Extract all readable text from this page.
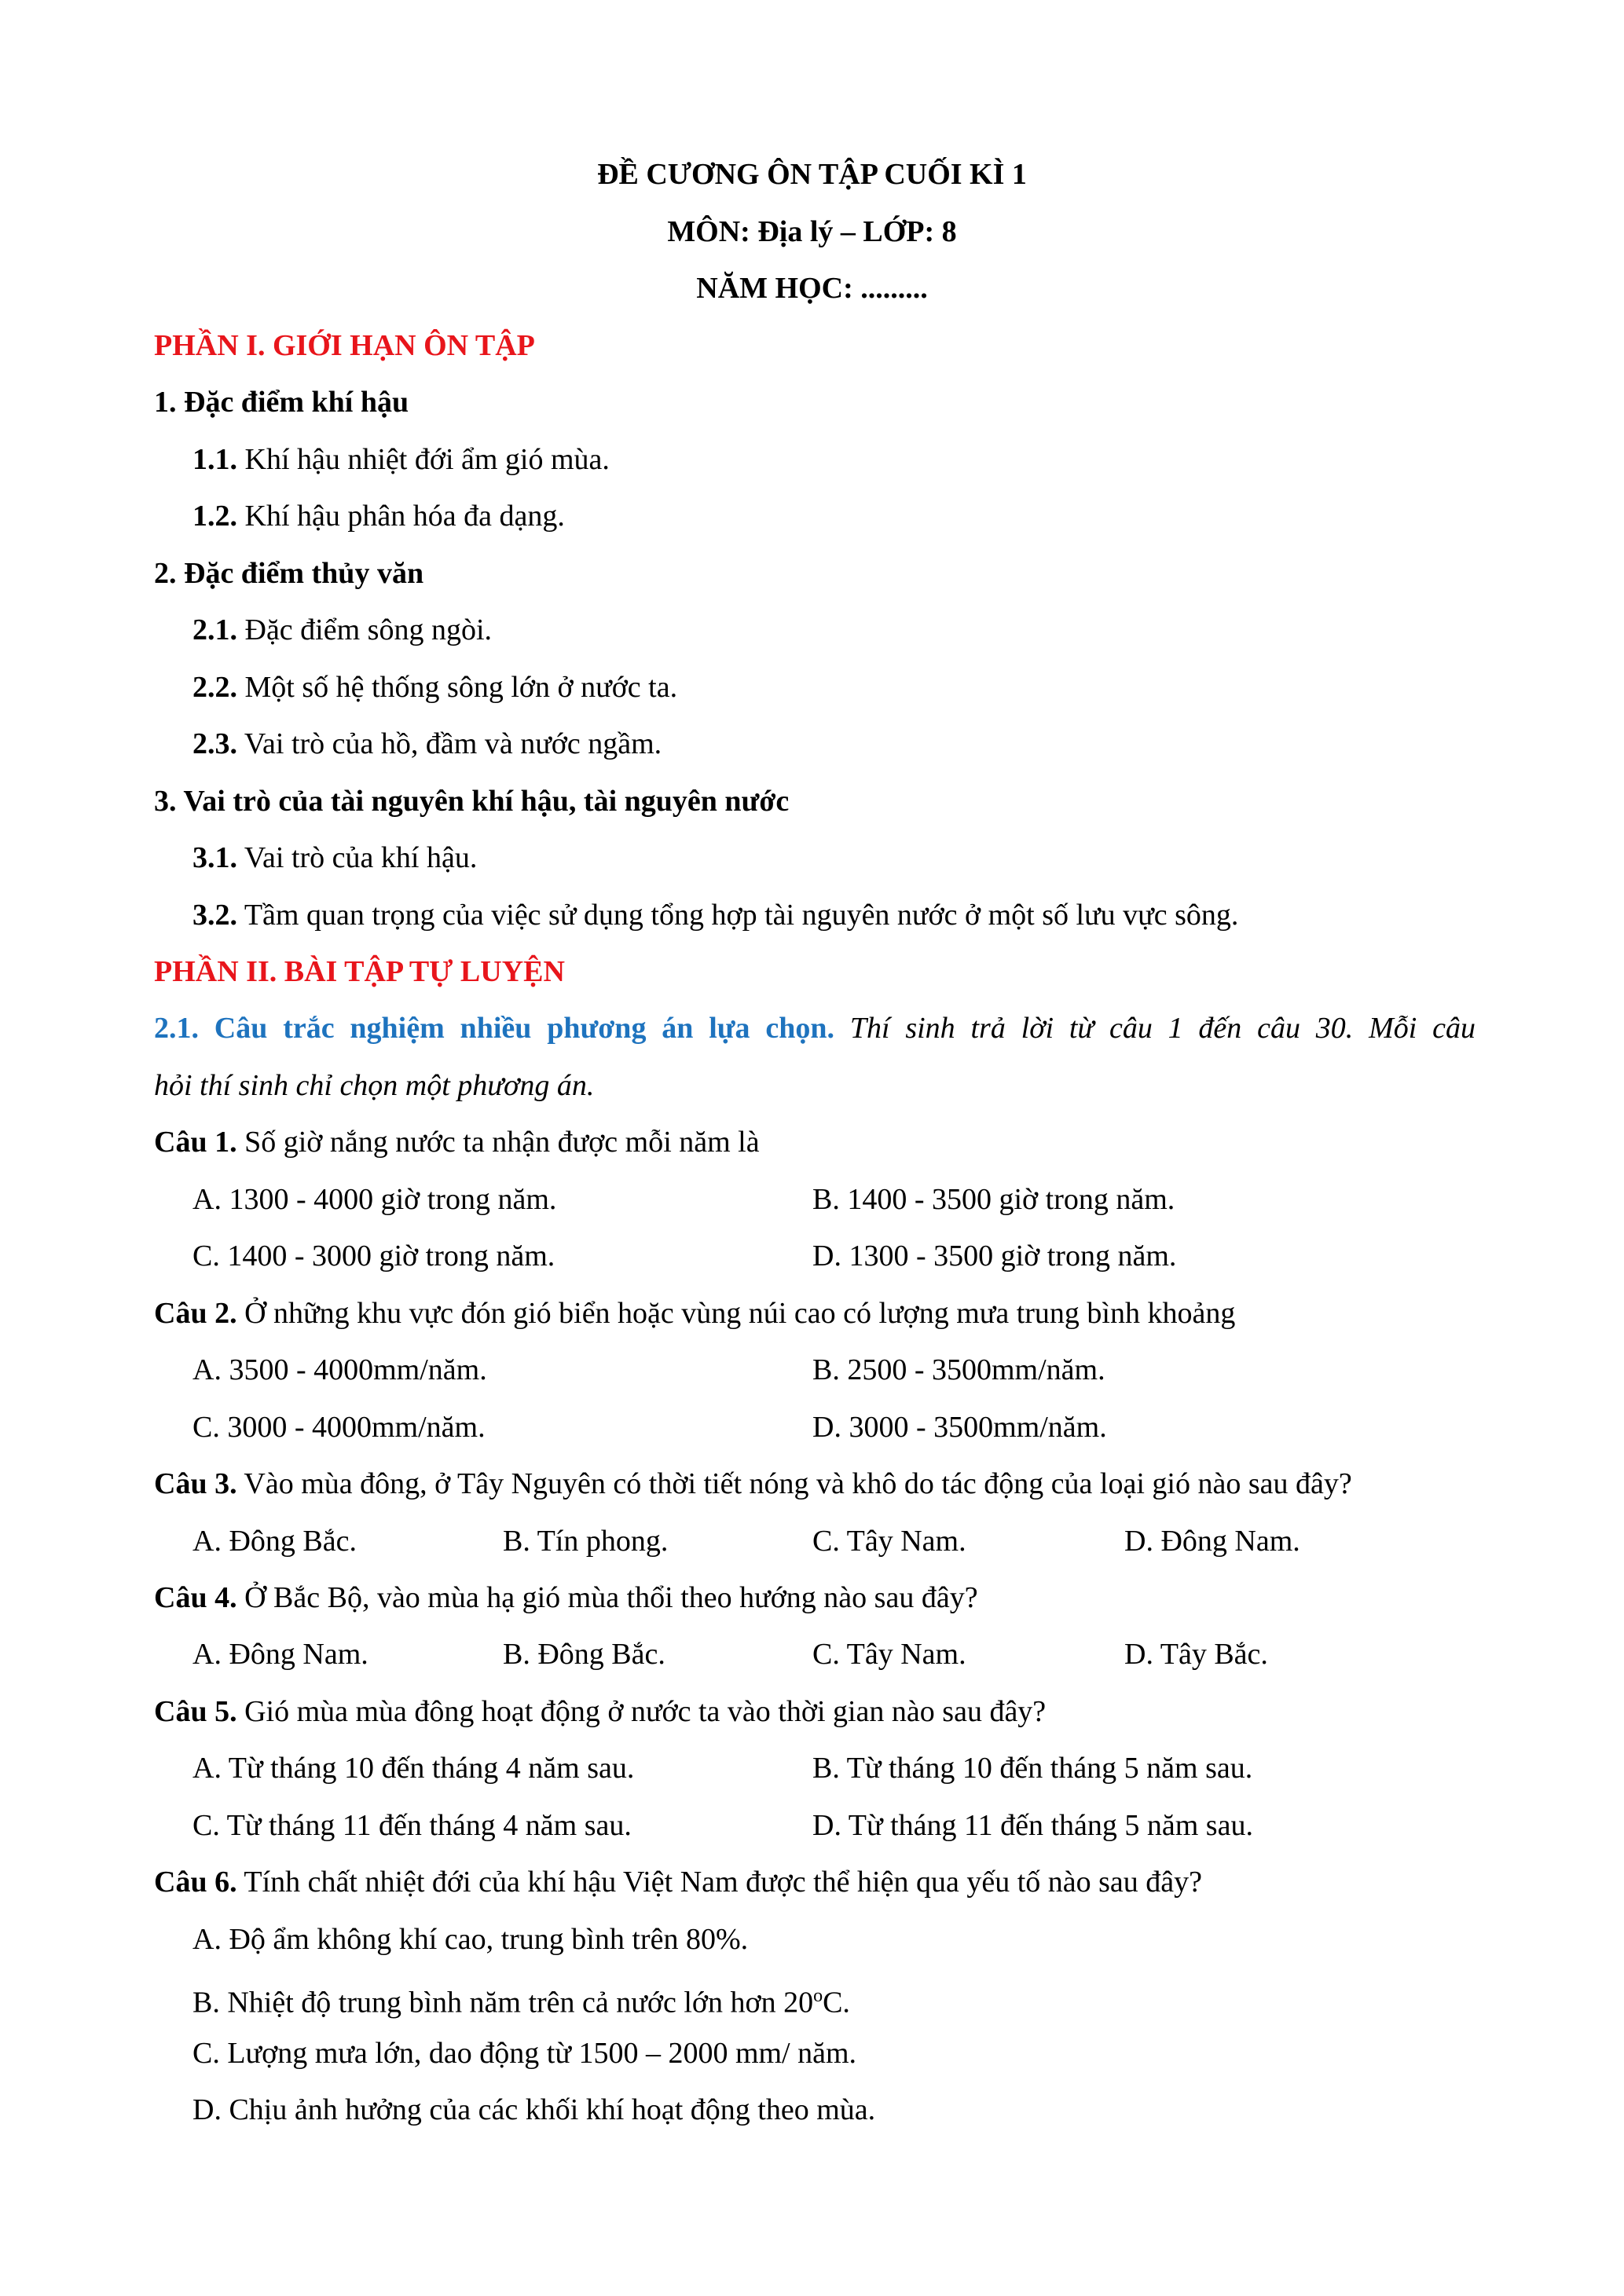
ĐỀ CƯƠNG ÔN TẬP CUỐI KÌ 1
MÔN: Địa lý – LỚP: 8
NĂM HỌC: .........
PHẦN I. GIỚI HẠN ÔN TẬP
1. Đặc điểm khí hậu
1.1. Khí hậu nhiệt đới ẩm gió mùa.
1.2. Khí hậu phân hóa đa dạng.
2. Đặc điểm thủy văn
2.1. Đặc điểm sông ngòi.
2.2. Một số hệ thống sông lớn ở nước ta.
2.3. Vai trò của hồ, đầm và nước ngầm.
3. Vai trò của tài nguyên khí hậu, tài nguyên nước
3.1. Vai trò của khí hậu.
3.2. Tầm quan trọng của việc sử dụng tổng hợp tài nguyên nước ở một số lưu vực sông.
PHẦN II. BÀI TẬP TỰ LUYỆN
2.1. Câu trắc nghiệm nhiều phương án lựa chọn. Thí sinh trả lời từ câu 1 đến câu 30. Mỗi câu
hỏi thí sinh chỉ chọn một phương án.
Câu 1. Số giờ nắng nước ta nhận được mỗi năm là
A. 1300 - 4000 giờ trong năm.	B. 1400 - 3500 giờ trong năm.
C. 1400 - 3000 giờ trong năm.	D. 1300 - 3500 giờ trong năm.
Câu 2. Ở những khu vực đón gió biển hoặc vùng núi cao có lượng mưa trung bình khoảng
A. 3500 - 4000mm/năm.	B. 2500 - 3500mm/năm.
C. 3000 - 4000mm/năm.	D. 3000 - 3500mm/năm.
Câu 3. Vào mùa đông, ở Tây Nguyên có thời tiết nóng và khô do tác động của loại gió nào sau đây?
A. Đông Bắc.	B. Tín phong.	C. Tây Nam.	D. Đông Nam.
Câu 4. Ở Bắc Bộ, vào mùa hạ gió mùa thổi theo hướng nào sau đây?
A. Đông Nam.	B. Đông Bắc.	C. Tây Nam.	D. Tây Bắc.
Câu 5. Gió mùa mùa đông hoạt động ở nước ta vào thời gian nào sau đây?
A. Từ tháng 10 đến tháng 4 năm sau.	B. Từ tháng 10 đến tháng 5 năm sau.
C. Từ tháng 11 đến tháng 4 năm sau.	D. Từ tháng 11 đến tháng 5 năm sau.
Câu 6. Tính chất nhiệt đới của khí hậu Việt Nam được thể hiện qua yếu tố nào sau đây?
A. Độ ẩm không khí cao, trung bình trên 80%.
B. Nhiệt độ trung bình năm trên cả nước lớn hơn 20$^o$C.
C. Lượng mưa lớn, dao động từ 1500 – 2000 mm/ năm.
D. Chịu ảnh hưởng của các khối khí hoạt động theo mùa.
